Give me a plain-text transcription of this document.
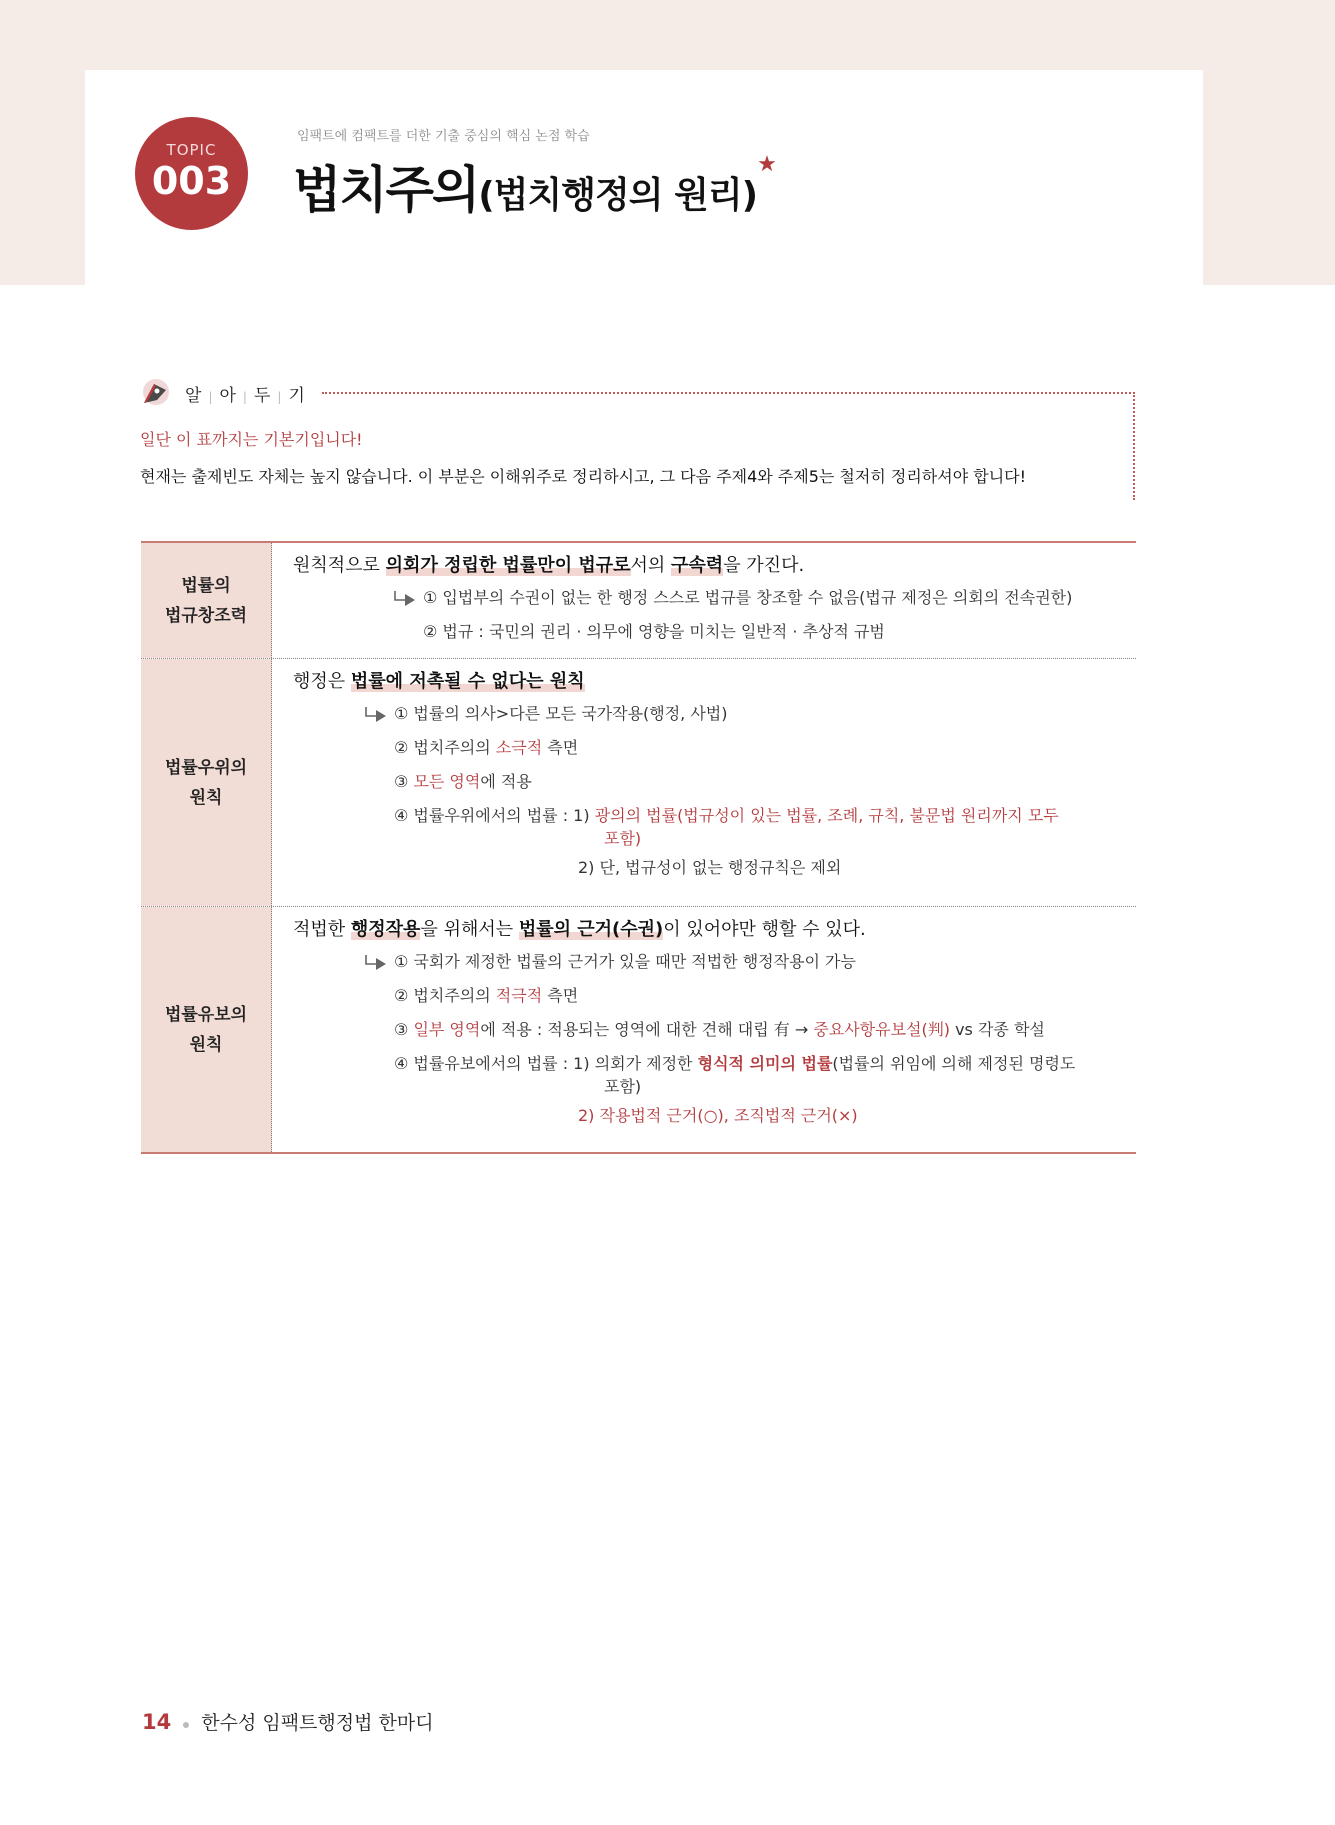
TOPIC
003
임팩트에 컴팩트를 더한 기출 중심의 핵심 논점 학습
법치주의(법치행정의 원리)★
알 | 아 | 두 | 기
일단 이 표까지는 기본기입니다!
현재는 출제빈도 자체는 높지 않습니다. 이 부분은 이해위주로 정리하시고, 그 다음 주제4와 주제5는 철저히 정리하셔야 합니다!
법률의
법규창조력
원칙적으로 의회가 정립한 법률만이 법규로서의 구속력을 가진다.
① 입법부의 수권이 없는 한 행정 스스로 법규를 창조할 수 없음(법규 제정은 의회의 전속권한)
② 법규 : 국민의 권리 · 의무에 영향을 미치는 일반적 · 추상적 규범
법률우위의
원칙
행정은 법률에 저촉될 수 없다는 원칙
① 법률의 의사>다른 모든 국가작용(행정, 사법)
② 법치주의의 소극적 측면
③ 모든 영역에 적용
④ 법률우위에서의 법률 : 1) 광의의 법률(법규성이 있는 법률, 조례, 규칙, 불문법 원리까지 모두
포함)
2) 단, 법규성이 없는 행정규칙은 제외
법률유보의
원칙
적법한 행정작용을 위해서는 법률의 근거(수권)이 있어야만 행할 수 있다.
① 국회가 제정한 법률의 근거가 있을 때만 적법한 행정작용이 가능
② 법치주의의 적극적 측면
③ 일부 영역에 적용 : 적용되는 영역에 대한 견해 대립 有 → 중요사항유보설(判) vs 각종 학설
④ 법률유보에서의 법률 : 1) 의회가 제정한 형식적 의미의 법률(법률의 위임에 의해 제정된 명령도
포함)
2) 작용법적 근거(○), 조직법적 근거(×)
14 한수성 임팩트행정법 한마디
